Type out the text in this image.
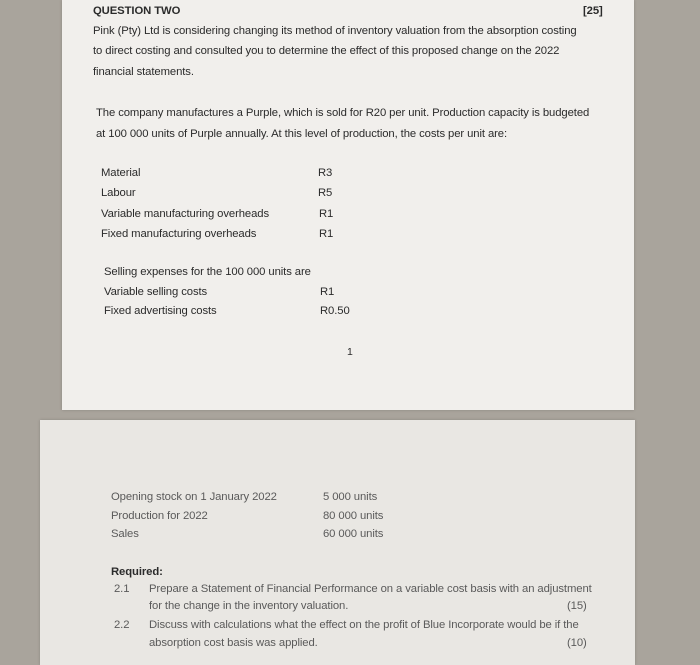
QUESTION TWO	[25]
Pink (Pty) Ltd is considering changing its method of inventory valuation from the absorption costing
to direct costing and consulted you to determine the effect of this proposed change on the 2022
financial statements.
The company manufactures a Purple, which is sold for R20 per unit. Production capacity is budgeted
at 100 000 units of Purple annually. At this level of production, the costs per unit are:
Material	R3
Labour	R5
Variable manufacturing overheads	R1
Fixed manufacturing overheads	R1
Selling expenses for the 100 000 units are
Variable selling costs	R1
Fixed advertising costs	R0.50
1
Opening stock on 1 January 2022	5 000 units
Production for 2022	80 000 units
Sales	60 000 units
Required:
2.1 Prepare a Statement of Financial Performance on a variable cost basis with an adjustment
for the change in the inventory valuation.	(15)
2.2 Discuss with calculations what the effect on the profit of Blue Incorporate would be if the
absorption cost basis was applied.	(10)
